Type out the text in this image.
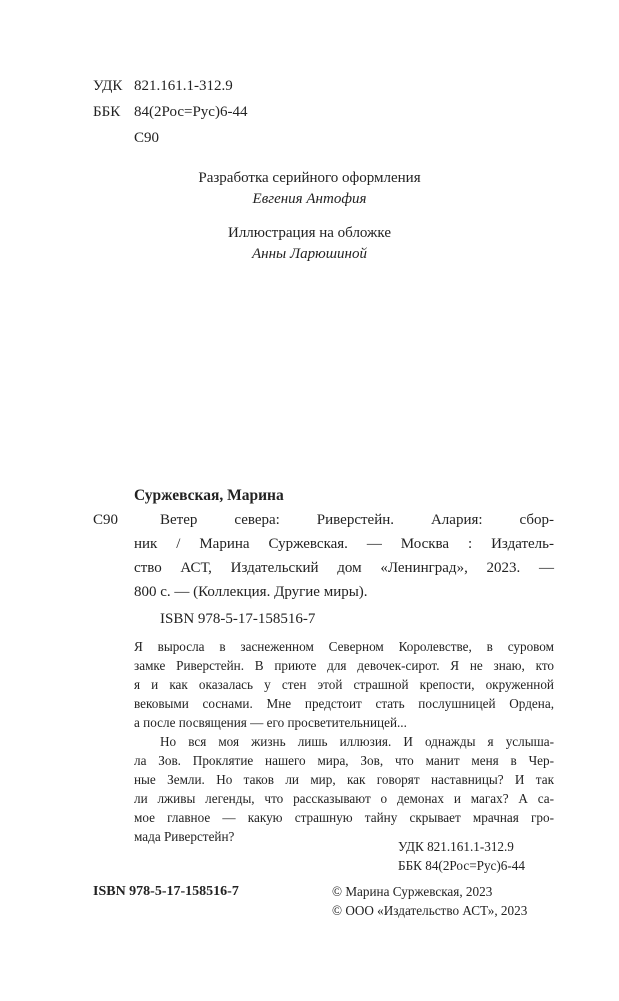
УДК 821.161.1-312.9
ББК 84(2Рос=Рус)6-44
С90
Разработка серийного оформления
Евгения Антофия
Иллюстрация на обложке
Анны Ларюшиной
Суржевская, Марина
С90	Ветер севера: Риверстейн. Алария: сбор-
ник / Марина Суржевская. — Москва : Издатель-
ство АСТ, Издательский дом «Ленинград», 2023. —
800 с. — (Коллекция. Другие миры).
ISBN 978-5-17-158516-7
Я выросла в заснеженном Северном Королевстве, в суровом
замке Риверстейн. В приюте для девочек-сирот. Я не знаю, кто
я и как оказалась у стен этой страшной крепости, окруженной
вековыми соснами. Мне предстоит стать послушницей Ордена,
а после посвящения — его просветительницей...
Но вся моя жизнь лишь иллюзия. И однажды я услыша-
ла Зов. Проклятие нашего мира, Зов, что манит меня в Чер-
ные Земли. Но таков ли мир, как говорят наставницы? И так
ли лживы легенды, что рассказывают о демонах и магах? А са-
мое главное — какую страшную тайну скрывает мрачная гро-
мада Риверстейн?
УДК 821.161.1-312.9
ББК 84(2Рос=Рус)6-44
ISBN 978-5-17-158516-7	© Марина Суржевская, 2023
© ООО «Издательство АСТ», 2023
